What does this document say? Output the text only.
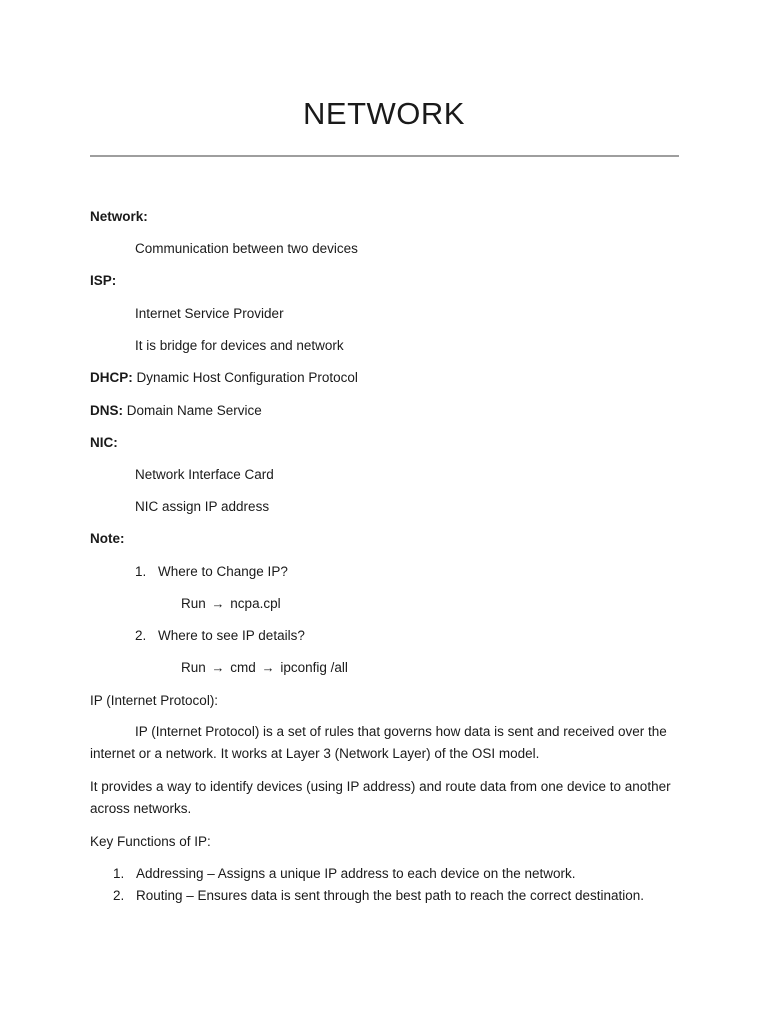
NETWORK
Network:
Communication between two devices
ISP:
Internet Service Provider
It is bridge for devices and network
DHCP: Dynamic Host Configuration Protocol
DNS: Domain Name Service
NIC:
Network Interface Card
NIC assign IP address
Note:
1. Where to Change IP?
Run → ncpa.cpl
2. Where to see IP details?
Run → cmd → ipconfig /all
IP (Internet Protocol):
IP (Internet Protocol) is a set of rules that governs how data is sent and received over the internet or a network. It works at Layer 3 (Network Layer) of the OSI model.
It provides a way to identify devices (using IP address) and route data from one device to another across networks.
Key Functions of IP:
1. Addressing – Assigns a unique IP address to each device on the network.
2. Routing – Ensures data is sent through the best path to reach the correct destination.
